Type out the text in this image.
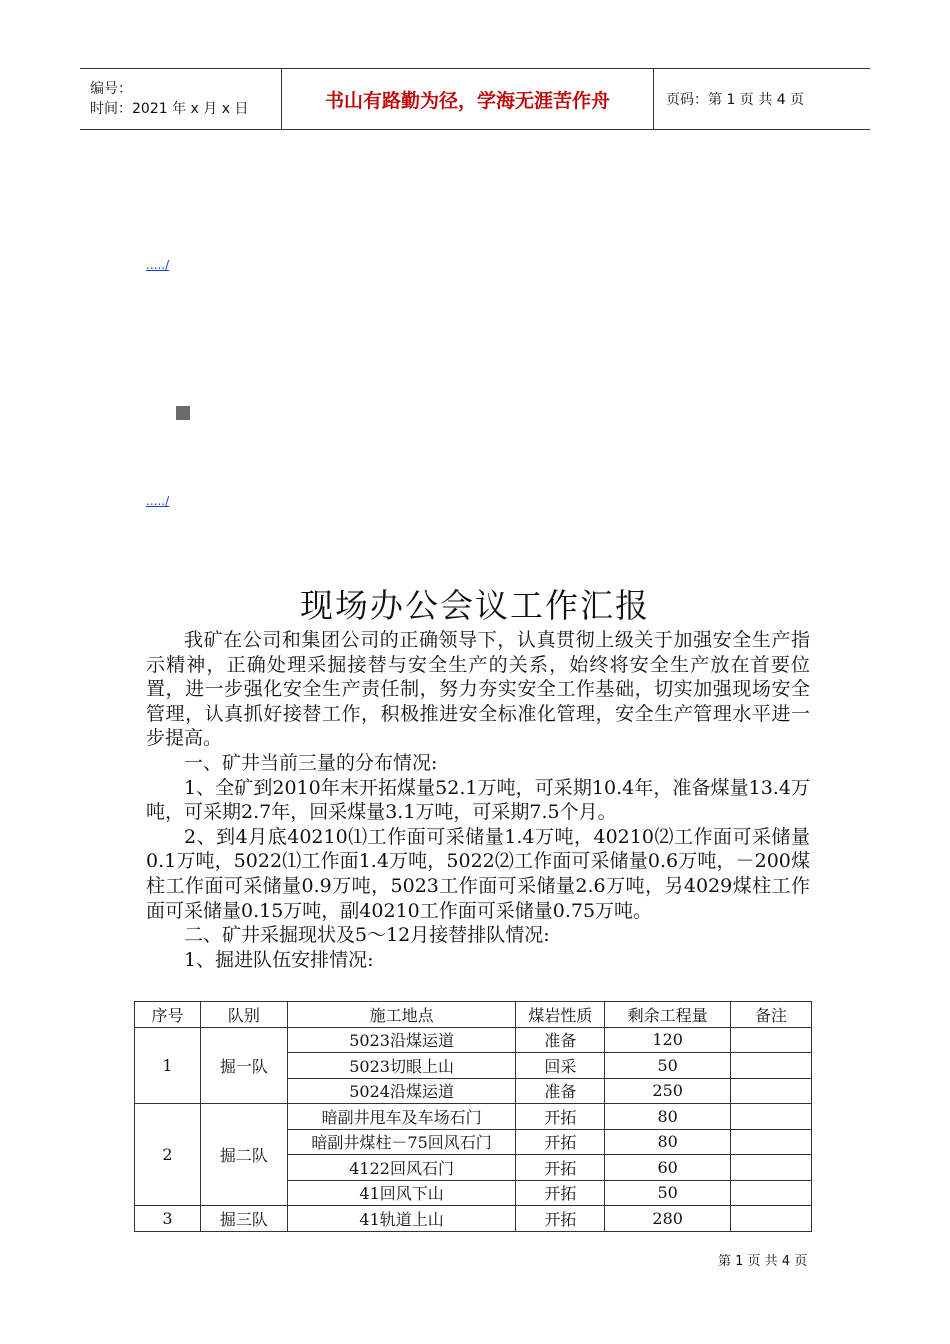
编号：
时间：2021 年 x 月 x 日	书山有路勤为径，学海无涯苦作舟	页码：第 1 页 共 4 页
...../
...../
现场办公会议工作汇报

我矿在公司和集团公司的正确领导下，认真贯彻上级关于加强安全生产指示精神，正确处理采掘接替与安全生产的关系，始终将安全生产放在首要位置，进一步强化安全生产责任制，努力夯实安全工作基础，切实加强现场安全管理，认真抓好接替工作，积极推进安全标准化管理，安全生产管理水平进一步提高。

一、矿井当前三量的分布情况:

1、全矿到2010年末开拓煤量52.1万吨，可采期10.4年，准备煤量13.4万吨，可采期2.7年，回采煤量3.1万吨，可采期7.5个月。

2、到4月底40210⑴工作面可采储量1.4万吨，40210⑵工作面可采储量0.1万吨，5022⑴工作面1.4万吨，5022⑵工作面可采储量0.6万吨，－200煤柱工作面可采储量0.9万吨，5023工作面可采储量2.6万吨，另4029煤柱工作面可采储量0.15万吨，副40210工作面可采储量0.75万吨。

二、矿井采掘现状及5～12月接替排队情况:

1、掘进队伍安排情况:

序号	队别	施工地点	煤岩性质	剩余工程量	备注
1	掘一队	5023沿煤运道	准备	120	
		5023切眼上山	回采	50	
		5024沿煤运道	准备	250	
2	掘二队	暗副井甩车及车场石门	开拓	80	
		暗副井煤柱－75回风石门	开拓	80	
		4122回风石门	开拓	60	
		41回风下山	开拓	50	
3	掘三队	41轨道上山	开拓	280	
第 1 页 共 4 页
